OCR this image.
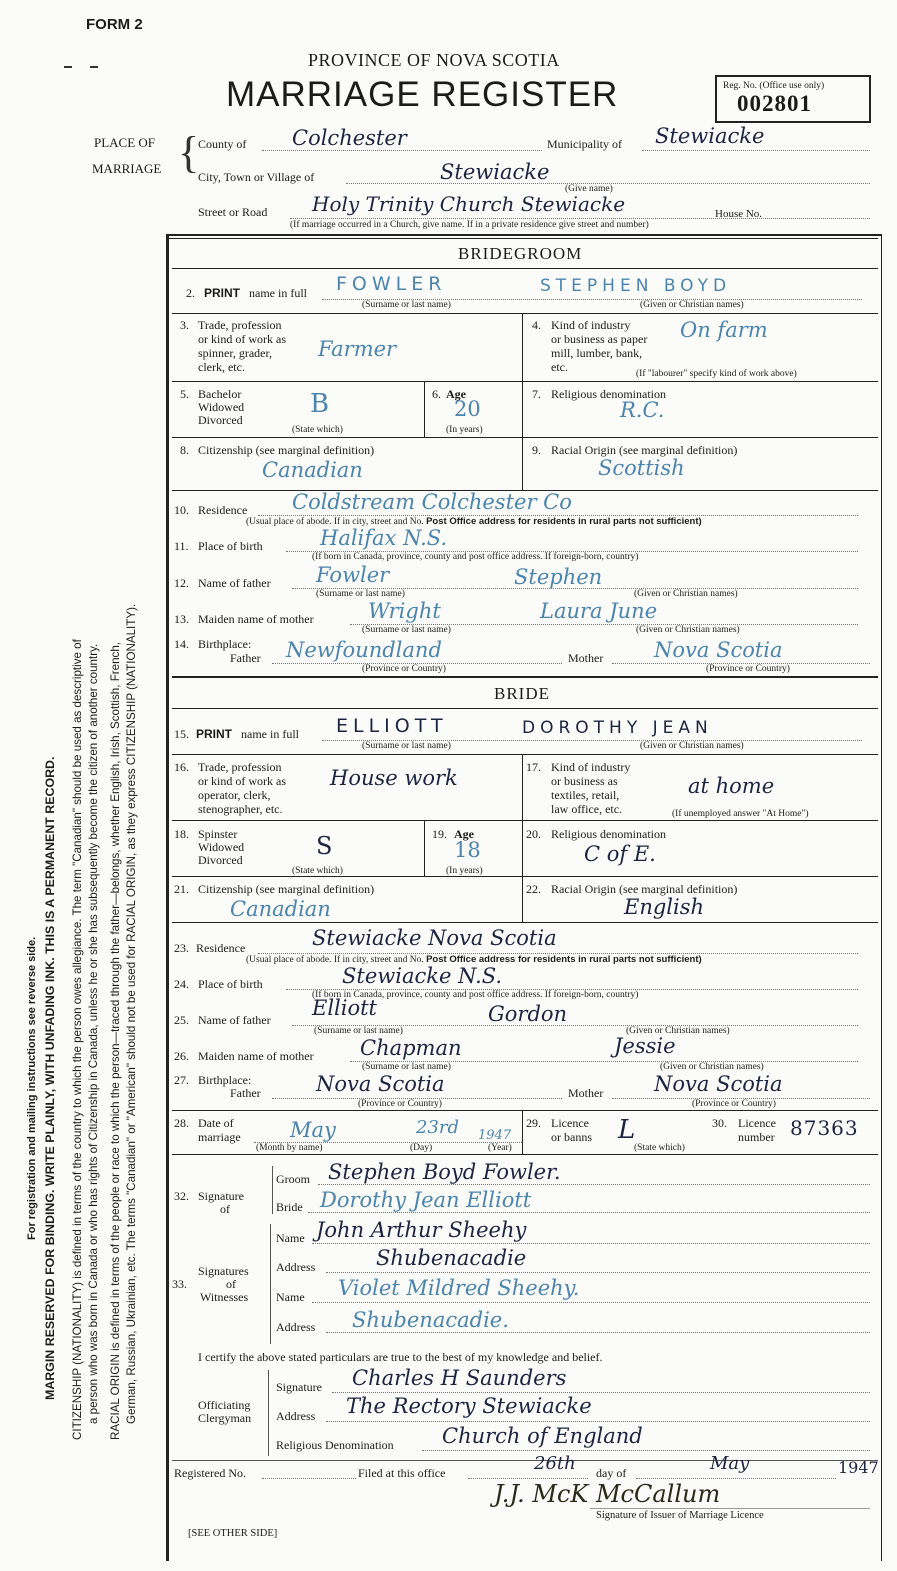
For registration and mailing instructions see reverse side. MARGIN RESERVED FOR BINDING. WRITE PLAINLY, WITH UNFADING INK. THIS IS A PERMANENT RECORD. CITIZENSHIP (NATIONALITY) is defined in terms of the country to which the person owes allegiance. The term "Canadian" should be used as descriptive of a person who was born in Canada or who has rights of Citizenship in Canada, unless he or she has subsequently become the citizen of another country. RACIAL ORIGIN is defined in terms of the people or race to which the person—traced through the father—belongs, whether English, Irish, Scottish, French, German, Russian, Ukrainian, etc. The terms "Canadian" or "American" should not be used for RACIAL ORIGIN, as they express CITIZENSHIP (NATIONALITY).
FORM 2
PROVINCE OF NOVA SCOTIA
MARRIAGE REGISTER	Reg. No. (Office use only)
002801
PLACE OF
MARRIAGE {
County of Colchester	Municipality of Stewiacke
City, Town or Village of	Stewiacke
(Give name)
Street or Road Holy Trinity Church Stewiacke	House No.
(If marriage occurred in a Church, give name. If in a private residence give street and number)
BRIDEGROOM
2. PRINT name in full FOWLER	STEPHEN BOYD
(Surname or last name)	(Given or Christian names)
3. Trade, profession
or kind of work as
spinner, grader,
clerk, etc.
Farmer
4. Kind of industry
or business as paper
mill, lumber, bank,
etc.
On farm
(If "labourer" specify kind of work above)
5. Bachelor
Widowed
Divorced
B
(State which)
6. Age
20
(In years)
7. Religious denomination
R.C.
8. Citizenship (see marginal definition)
Canadian
9. Racial Origin (see marginal definition)
Scottish
10. Residence Coldstream Colchester Co
(Usual place of abode. If in city, street and No. Post Office address for residents in rural parts not sufficient)
11. Place of birth	Halifax N.S.
(If born in Canada, province, county and post office address. If foreign-born, country)
12. Name of father Fowler	Stephen
(Surname or last name)	(Given or Christian names)
13. Maiden name of mother	Wright	Laura June
(Surname or last name)	(Given or Christian names)
14. Birthplace:
Father Newfoundland	Mother Nova Scotia
(Province or Country)	(Province or Country)
BRIDE
15. PRINT name in full ELLIOTT	DOROTHY JEAN
(Surname or last name)	(Given or Christian names)
16. Trade, profession
or kind of work as
operator, clerk,
stenographer, etc.
House work	17. Kind of industry
or business as
textiles, retail,
law office, etc.
at home
(If unemployed answer "At Home")
18. Spinster
Widowed
Divorced	S
(State which)
19. Age
18
(In years)
20. Religious denomination
C of E.
21. Citizenship (see marginal definition)
Canadian
22. Racial Origin (see marginal definition)
English
23. Residence	Stewiacke Nova Scotia
(Usual place of abode. If in city, street and No. Post Office address for residents in rural parts not sufficient)
24. Place of birth	Stewiacke N.S.
(If born in Canada, province, county and post office address. If foreign-born, country)
25. Name of father Elliott	Gordon
(Surname or last name)	(Given or Christian names)
26. Maiden name of mother Chapman	Jessie
(Surname or last name)	(Given or Christian names)
27. Birthplace:
Father	Nova Scotia	Mother Nova Scotia
(Province or Country)	(Province or Country)
28. Date of
marriage May	23rd 1947
(Month by name)	(Day)	(Year)
29. Licence
or banns L
(State which)
30. Licence
number 87363
32. Signature
of
Groom Stephen Boyd Fowler.
Bride Dorothy Jean Elliott
33.
Signatures
of
Witnesses
Name John Arthur Sheehy
Address	Shubenacadie
Name Violet Mildred Sheehy.
Address Shubenacadie.
I certify the above stated particulars are true to the best of my knowledge and belief.
Officiating
Clergyman
Signature Charles H Saunders
Address The Rectory Stewiacke
Religious Denomination Church of England
Registered No.	Filed at this office	26th day of	May	1947
J.J. McK McCallum
Signature of Issuer of Marriage Licence
[SEE OTHER SIDE]
